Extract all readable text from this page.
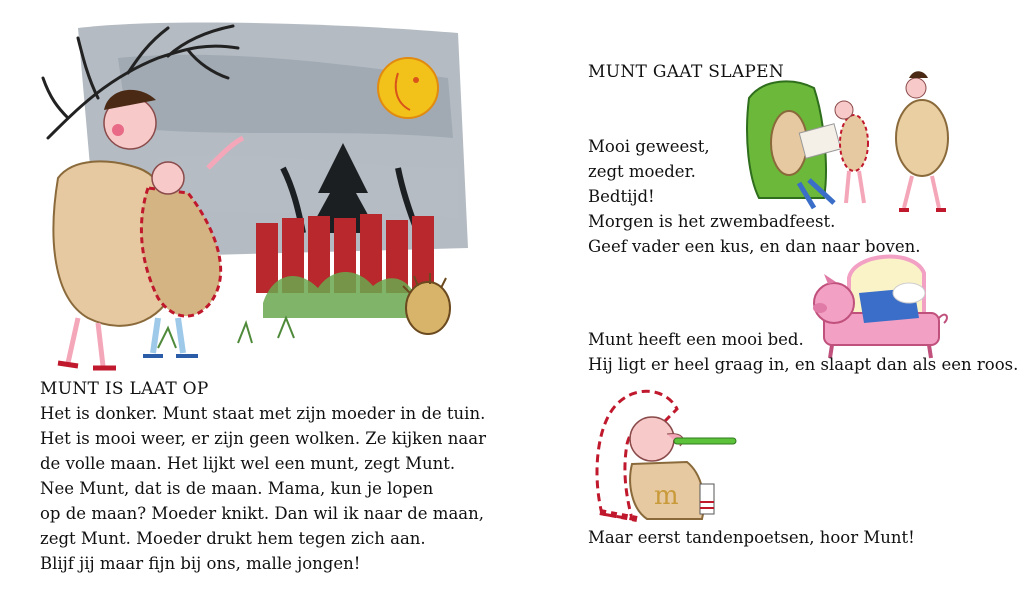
MUNT IS LAAT OP
Het is donker. Munt staat met zijn moeder in de tuin.
Het is mooi weer, er zijn geen wolken. Ze kijken naar
de volle maan. Het lijkt wel een munt, zegt Munt.
Nee Munt, dat is de maan. Mama, kun je lopen
op de maan? Moeder knikt. Dan wil ik naar de maan,
zegt Munt. Moeder drukt hem tegen zich aan.
Blijf jij maar fijn bij ons, malle jongen!
MUNT GAAT SLAPEN
Mooi geweest,
zegt moeder.
Bedtijd!
Morgen is het zwembadfeest.
Geef vader een kus, en dan naar boven.
Munt heeft een mooi bed.
Hij ligt er heel graag in, en slaapt dan als een roos.
m
Maar eerst tandenpoetsen, hoor Munt!
